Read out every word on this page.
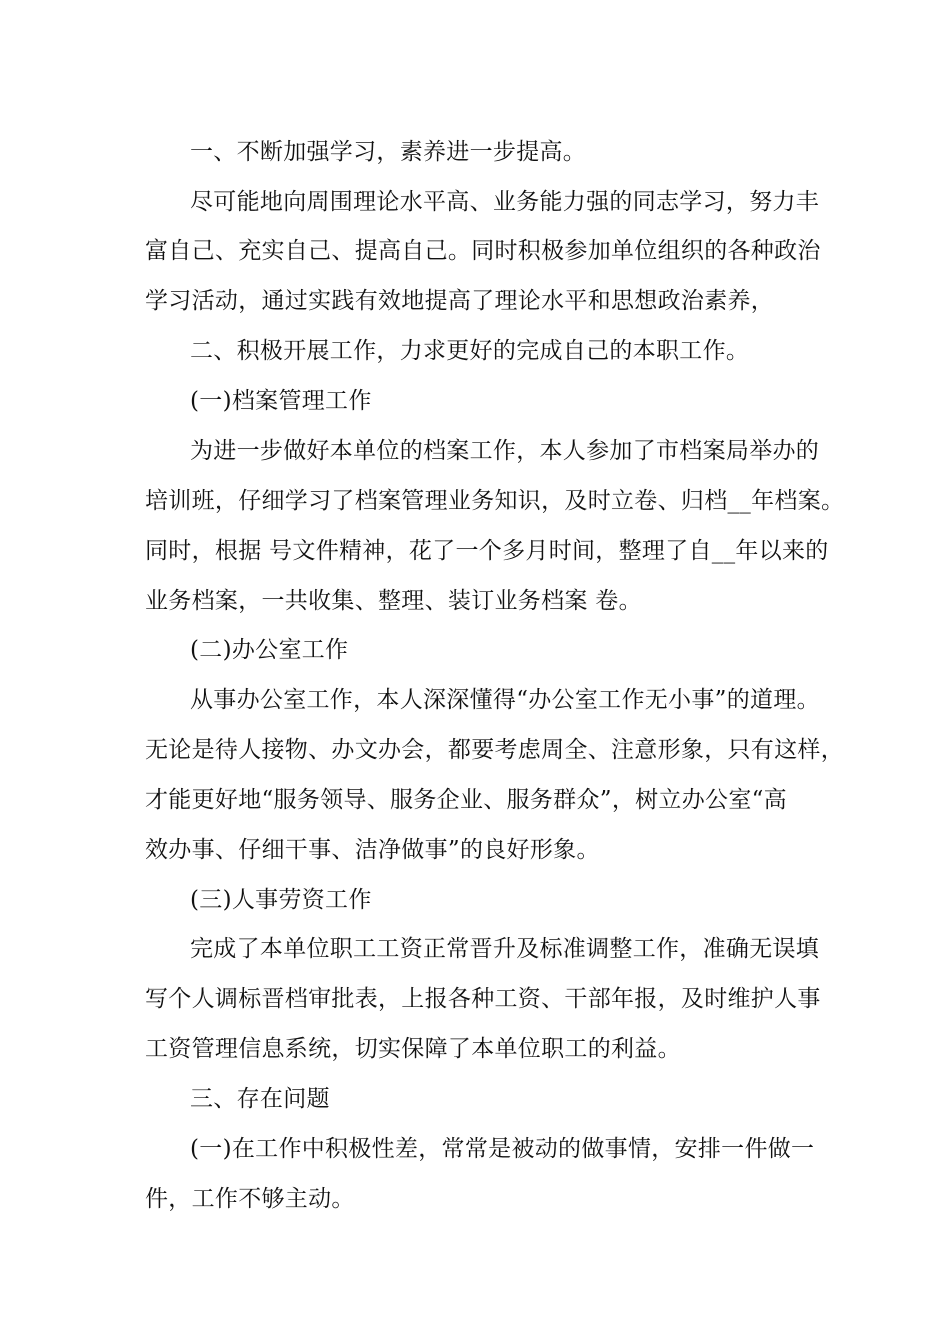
一、不断加强学习，素养进一步提高。
尽可能地向周围理论水平高、业务能力强的同志学习，努力丰
富自己、充实自己、提高自己。同时积极参加单位组织的各种政治
学习活动，通过实践有效地提高了理论水平和思想政治素养，
二、积极开展工作，力求更好的完成自己的本职工作。
(一)档案管理工作
为进一步做好本单位的档案工作，本人参加了市档案局举办的
培训班，仔细学习了档案管理业务知识，及时立卷、归档__年档案。
同时，根据 号文件精神，花了一个多月时间，整理了自__年以来的
业务档案，一共收集、整理、装订业务档案 卷。
(二)办公室工作
从事办公室工作，本人深深懂得“办公室工作无小事”的道理。
无论是待人接物、办文办会，都要考虑周全、注意形象，只有这样，
才能更好地“服务领导、服务企业、服务群众”，树立办公室“高
效办事、仔细干事、洁净做事”的良好形象。
(三)人事劳资工作
完成了本单位职工工资正常晋升及标准调整工作，准确无误填
写个人调标晋档审批表，上报各种工资、干部年报，及时维护人事
工资管理信息系统，切实保障了本单位职工的利益。
三、存在问题
(一)在工作中积极性差，常常是被动的做事情，安排一件做一
件，工作不够主动。
